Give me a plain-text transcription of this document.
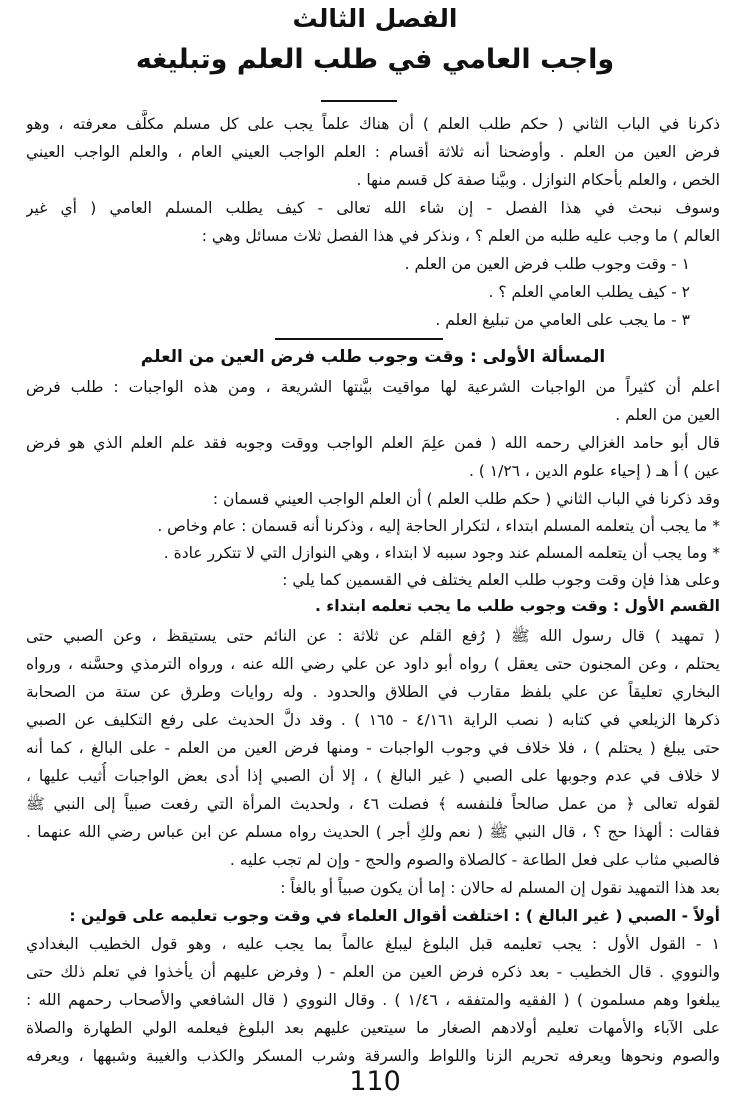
الفصل الثالث
واجب العامي في طلب العلم وتبليغه
ذكرنا في الباب الثاني ( حكم طلب العلم ) أن هناك علماً يجب على كل مسلم مكلَّف معرفته ، وهو
فرض العين من العلم . وأوضحنا أنه ثلاثة أقسام : العلم الواجب العيني العام ، والعلم الواجب العيني
الخص ، والعلم بأحكام النوازل . وبيَّنا صفة كل قسم منها .
وسوف نبحث في هذا الفصل - إن شاء الله تعالى - كيف يطلب المسلم العامي ( أي غير
العالم ) ما وجب عليه طلبه من العلم ؟ ، ونذكر في هذا الفصل ثلاث مسائل وهي :
١ - وقت وجوب طلب فرض العين من العلم .
٢ - كيف يطلب العامي العلم ؟ .
٣ - ما يجب على العامي من تبليغ العلم .
المسألة الأولى : وقت وجوب طلب فرض العين من العلم
اعلم أن كثيراً من الواجبات الشرعية لها مواقيت بيَّنتها الشريعة ، ومن هذه الواجبات : طلب فرض
العين من العلم .
قال أبو حامد الغزالي رحمه الله ( فمن علِمَ العلم الواجب ووقت وجوبه فقد علم العلم الذي هو فرض
عين ) أ هـ ( إحياء علوم الدين ، ١/٢٦ ) .
وقد ذكرنا في الباب الثاني ( حكم طلب العلم ) أن العلم الواجب العيني قسمان :
* ما يجب أن يتعلمه المسلم ابتداء ، لتكرار الحاجة إليه ، وذكرنا أنه قسمان : عام وخاص .
* وما يجب أن يتعلمه المسلم عند وجود سببه لا ابتداء ، وهي النوازل التي لا تتكرر عادة .
وعلى هذا فإن وقت وجوب طلب العلم يختلف في القسمين كما يلي :
القسم الأول : وقت وجوب طلب ما يجب تعلمه ابتداء .
( تمهيد ) قال رسول الله ﷺ ( رُفع القلم عن ثلاثة : عن النائم حتى يستيقظ ، وعن الصبي حتى
يحتلم ، وعن المجنون حتى يعقل ) رواه أبو داود عن علي رضي الله عنه ، ورواه الترمذي وحسَّنه ، ورواه
البخاري تعليقاً عن علي بلفظ مقارب في الطلاق والحدود . وله روايات وطرق عن ستة من الصحابة
ذكرها الزيلعي في كتابه ( نصب الراية ٤/١٦١ - ١٦٥ ) . وقد دلَّ الحديث على رفع التكليف عن الصبي
حتى يبلغ ( يحتلم ) ، فلا خلاف في وجوب الواجبات - ومنها فرض العين من العلم - على البالغ ، كما أنه
لا خلاف في عدم وجوبها على الصبي ( غير البالغ ) ، إلا أن الصبي إذا أدى بعض الواجبات أُثيب عليها ،
لقوله تعالى ﴿ من عمل صالحاً فلنفسه ﴾ فصلت ٤٦ ، ولحديث المرأة التي رفعت صبياً إلى النبي ﷺ
فقالت : ألهذا حج ؟ ، قال النبي ﷺ ( نعم ولكِ أجر ) الحديث رواه مسلم عن ابن عباس رضي الله عنهما .
فالصبي مثاب على فعل الطاعة - كالصلاة والصوم والحج - وإن لم تجب عليه .
بعد هذا التمهيد نقول إن المسلم له حالان : إما أن يكون صبياً أو بالغاً :
أولاً - الصبي ( غير البالغ ) : اختلفت أقوال العلماء في وقت وجوب تعليمه على قولين :
١ - القول الأول : يجب تعليمه قبل البلوغ ليبلغ عالماً بما يجب عليه ، وهو قول الخطيب البغدادي
والنووي . قال الخطيب - بعد ذكره فرض العين من العلم - ( وفرض عليهم أن يأخذوا في تعلم ذلك حتى
يبلغوا وهم مسلمون ) ( الفقيه والمتفقه ، ١/٤٦ ) . وقال النووي ( قال الشافعي والأصحاب رحمهم الله :
على الآباء والأمهات تعليم أولادهم الصغار ما سيتعين عليهم بعد البلوغ فيعلمه الولي الطهارة والصلاة
والصوم ونحوها ويعرفه تحريم الزنا واللواط والسرقة وشرب المسكر والكذب والغيبة وشبهها ، ويعرفه
110
